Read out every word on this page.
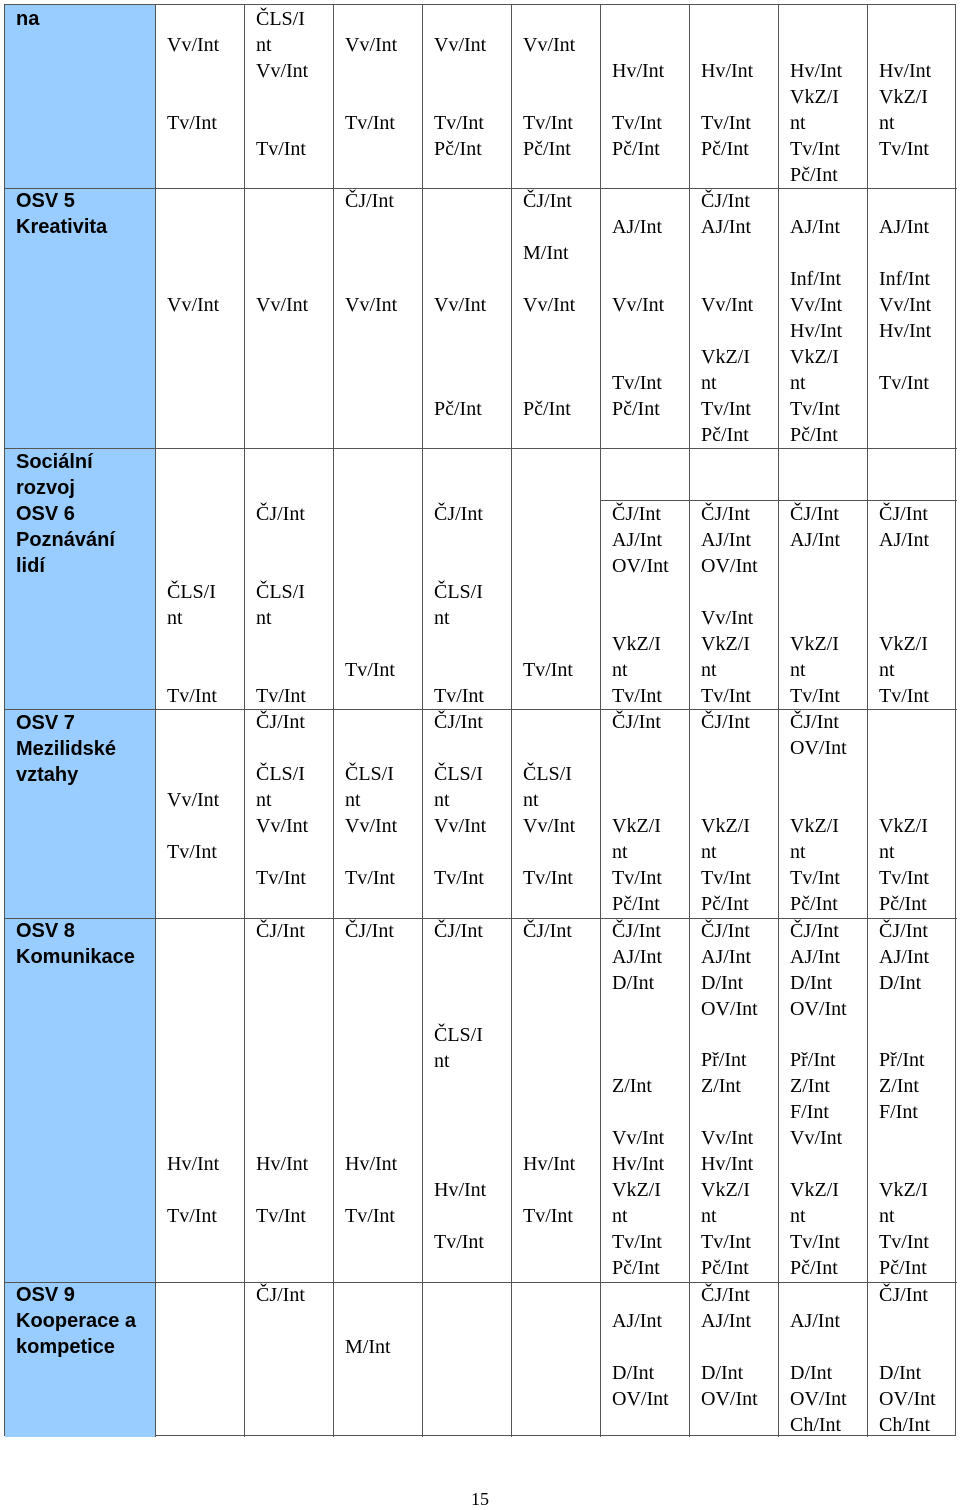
na
OSV 5
Kreativita
Sociální
rozvoj
OSV 6
Poznávání
lidí
OSV 7
Mezilidské
vztahy
OSV 8
Komunikace
OSV 9
Kooperace a
kompetice
Vv/Int
Tv/Int
Vv/Int
ČLS/I
nt
Tv/Int
Vv/Int
Tv/Int
Hv/Int
Tv/Int
ČLS/I
nt
Vv/Int
Tv/Int
Vv/Int
ČJ/Int
ČLS/I
nt
Tv/Int
ČJ/Int
ČLS/I
nt
Vv/Int
Tv/Int
ČJ/Int
Hv/Int
Tv/Int
ČJ/Int
Vv/Int
Tv/Int
ČJ/Int
Vv/Int
Tv/Int
ČLS/I
nt
Vv/Int
Tv/Int
ČJ/Int
Hv/Int
Tv/Int
M/Int
Vv/Int
Tv/Int
Pč/Int
Vv/Int
Pč/Int
ČJ/Int
ČLS/I
nt
Tv/Int
ČJ/Int
ČLS/I
nt
Vv/Int
Tv/Int
ČJ/Int
ČLS/I
nt
Hv/Int
Tv/Int
Vv/Int
Tv/Int
Pč/Int
ČJ/Int
M/Int
Vv/Int
Pč/Int
Tv/Int
ČLS/I
nt
Vv/Int
Tv/Int
ČJ/Int
Hv/Int
Tv/Int
Hv/Int
Tv/Int
Pč/Int
AJ/Int
Vv/Int
Tv/Int
Pč/Int
ČJ/Int
AJ/Int
OV/Int
VkZ/I
nt
Tv/Int
ČJ/Int
VkZ/I
nt
Tv/Int
Pč/Int
ČJ/Int
AJ/Int
D/Int
Z/Int
Vv/Int
Hv/Int
VkZ/I
nt
Tv/Int
Pč/Int
AJ/Int
D/Int
OV/Int
Hv/Int
Tv/Int
Pč/Int
ČJ/Int
AJ/Int
Vv/Int
VkZ/I
nt
Tv/Int
Pč/Int
ČJ/Int
AJ/Int
OV/Int
Vv/Int
VkZ/I
nt
Tv/Int
ČJ/Int
VkZ/I
nt
Tv/Int
Pč/Int
ČJ/Int
AJ/Int
D/Int
OV/Int
Př/Int
Z/Int
Vv/Int
Hv/Int
VkZ/I
nt
Tv/Int
Pč/Int
ČJ/Int
AJ/Int
D/Int
OV/Int
Hv/Int
VkZ/I
nt
Tv/Int
Pč/Int
AJ/Int
Inf/Int
Vv/Int
Hv/Int
VkZ/I
nt
Tv/Int
Pč/Int
ČJ/Int
AJ/Int
VkZ/I
nt
Tv/Int
ČJ/Int
OV/Int
VkZ/I
nt
Tv/Int
Pč/Int
ČJ/Int
AJ/Int
D/Int
OV/Int
Př/Int
Z/Int
F/Int
Vv/Int
VkZ/I
nt
Tv/Int
Pč/Int
AJ/Int
D/Int
OV/Int
Ch/Int
Hv/Int
VkZ/I
nt
Tv/Int
AJ/Int
Inf/Int
Vv/Int
Hv/Int
Tv/Int
ČJ/Int
AJ/Int
VkZ/I
nt
Tv/Int
VkZ/I
nt
Tv/Int
Pč/Int
ČJ/Int
AJ/Int
D/Int
Př/Int
Z/Int
F/Int
VkZ/I
nt
Tv/Int
Pč/Int
ČJ/Int
D/Int
OV/Int
Ch/Int
15
